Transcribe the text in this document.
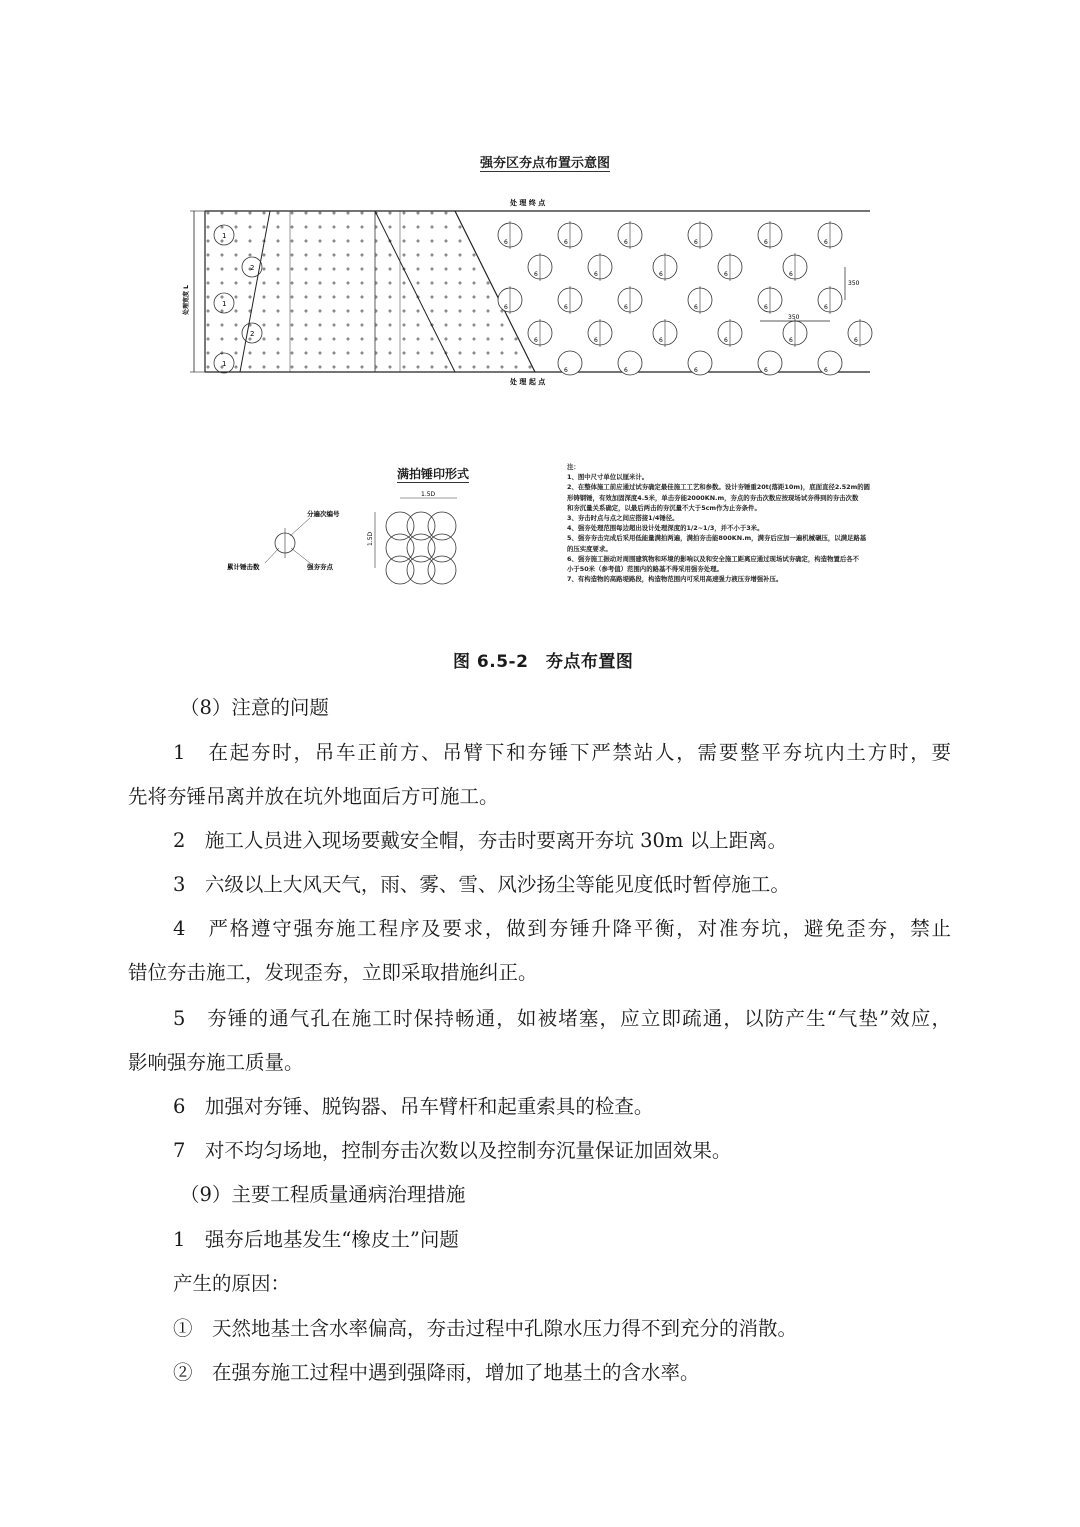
强夯区夯点布置示意图
350
350
处 理 终 点
处 理 起 点
处理宽度 L
1
2
1
2
1
6	6	6	6	6	6
6	6	6	6	6
6	6	6	6	6	6
6	6	6	6	6	6
6	6	6	6	6
满拍锤印形式
1.5D
1.5D
分遍次编号
累计锤击数	强夯夯点
注：
1、图中尺寸单位以厘米计。
2、在整体施工前应通过试夯确定最佳施工工艺和参数。设计夯锤重20t(落距10m)，底面直径2.52m的圆
形铸钢锤，有效加固深度4.5米，单击夯能2000KN.m，夯点的夯击次数应按现场试夯得到的夯击次数
和夯沉量关系确定，以最后两击的夯沉量不大于5cm作为止夯条件。
3、夯击时点与点之间应搭接1/4锤径。
4、强夯处理范围每边超出设计处理深度的1/2~1/3，并不小于3米。
5、强夯夯击完成后采用低能量满拍两遍，满拍夯击能800KN.m，满夯后应加一遍机械碾压，以满足路基
的压实度要求。
6、强夯施工振动对周围建筑物和环境的影响以及和安全施工距离应通过现场试夯确定，构造物置后各不
小于50米（参考值）范围内的路基不得采用强夯处理。
7、有构造物的高路堤路段，构造物范围内可采用高速强力液压夯增强补压。
图 6.5-2　夯点布置图
（8）注意的问题
1　在起夯时，吊车正前方、吊臂下和夯锤下严禁站人，需要整平夯坑内土方时，要
先将夯锤吊离并放在坑外地面后方可施工。
2　施工人员进入现场要戴安全帽，夯击时要离开夯坑 30m 以上距离。
3　六级以上大风天气，雨、雾、雪、风沙扬尘等能见度低时暂停施工。
4　严格遵守强夯施工程序及要求，做到夯锤升降平衡，对准夯坑，避免歪夯，禁止
错位夯击施工，发现歪夯，立即采取措施纠正。
5　夯锤的通气孔在施工时保持畅通，如被堵塞，应立即疏通，以防产生“气垫”效应，
影响强夯施工质量。
6　加强对夯锤、脱钩器、吊车臂杆和起重索具的检查。
7　对不均匀场地，控制夯击次数以及控制夯沉量保证加固效果。
（9）主要工程质量通病治理措施
1　强夯后地基发生“橡皮土”问题
产生的原因：
①　天然地基土含水率偏高，夯击过程中孔隙水压力得不到充分的消散。
②　在强夯施工过程中遇到强降雨，增加了地基土的含水率。
